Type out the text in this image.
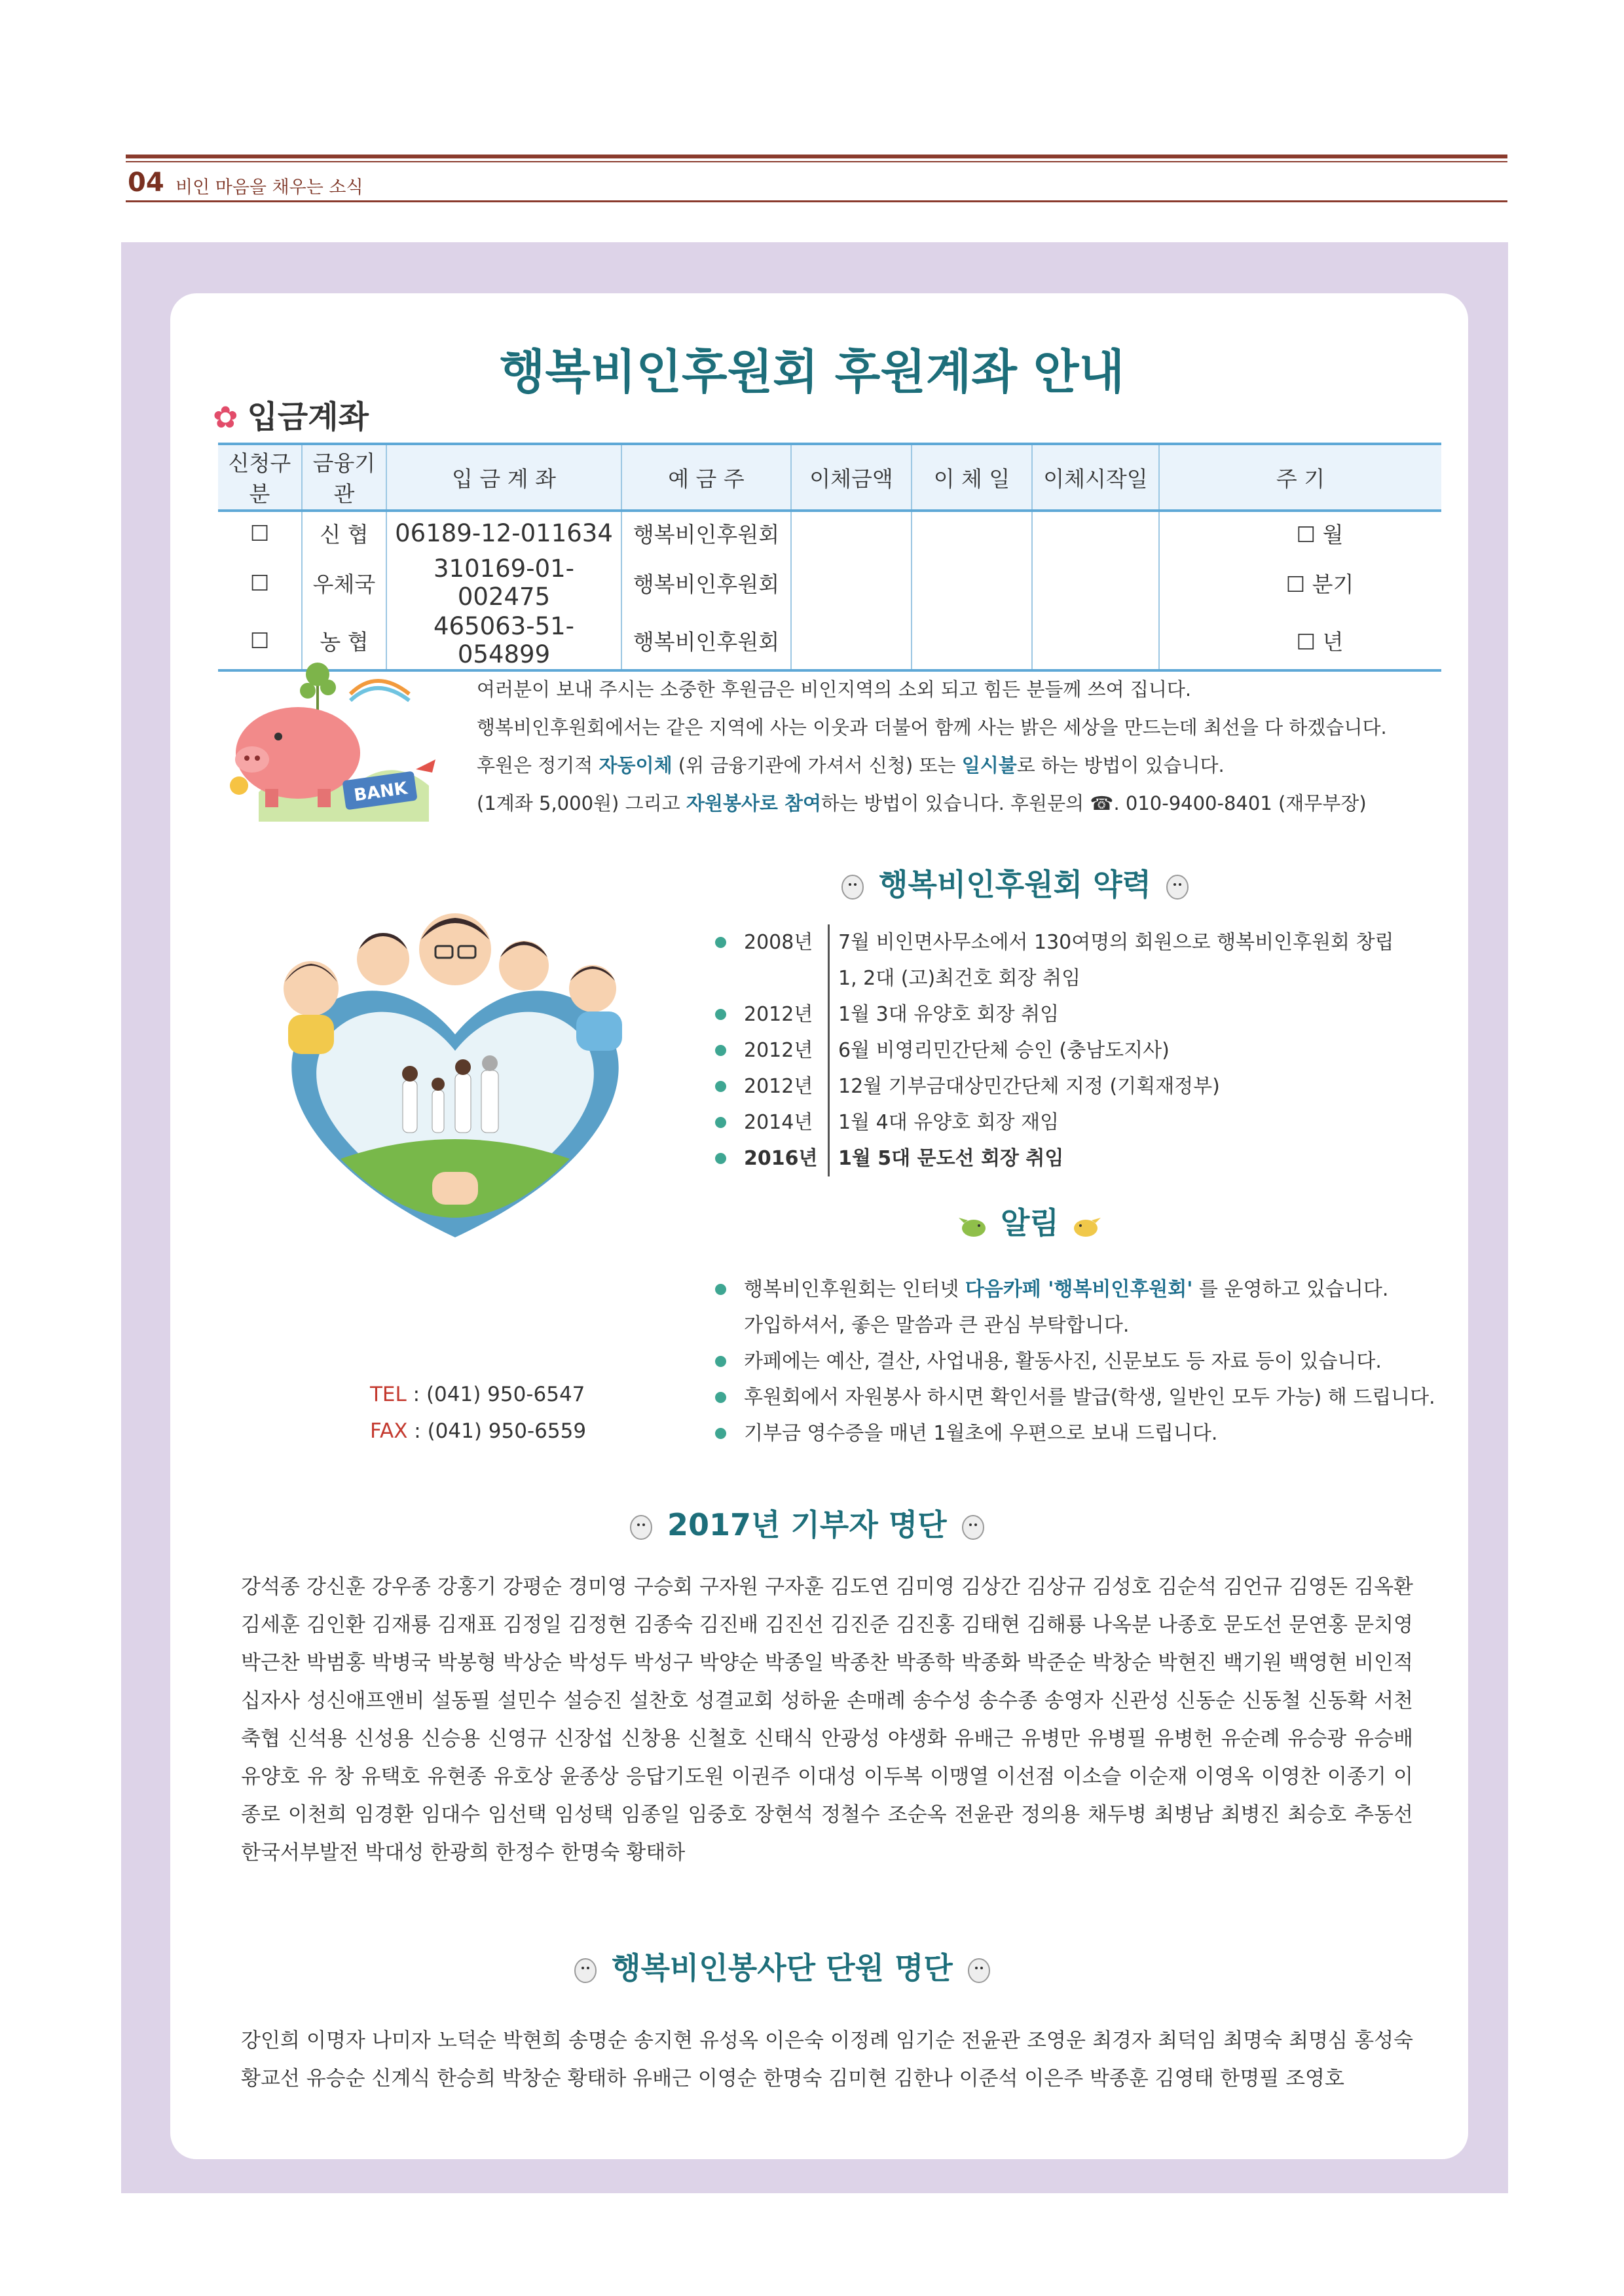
04 비인 마음을 채우는 소식
행복비인후원회 후원계좌 안내
✿ 입금계좌
신청구분	금융기관	입 금 계 좌	예 금 주	이체금액	이 체 일	이체시작일	주 기
☐	신 협	06189-12-011634	행복비인후원회				☐ 월
☐	우체국	310169-01-002475	행복비인후원회				☐ 분기
☐	농 협	465063-51-054899	행복비인후원회				☐ 년
BANK

여러분이 보내 주시는 소중한 후원금은 비인지역의 소외 되고 힘든 분들께 쓰여 집니다.

행복비인후원회에서는 같은 지역에 사는 이웃과 더불어 함께 사는 밝은 세상을 만드는데 최선을 다 하겠습니다.

후원은 정기적 자동이체 (위 금융기관에 가셔서 신청) 또는 일시불로 하는 방법이 있습니다.

(1계좌 5,000원) 그리고 자원봉사로 참여하는 방법이 있습니다. 후원문의 ☎. 010-9400-8401 (재무부장)

행복비인후원회 약력
2008년	7월 비인면사무소에서 130여명의 회원으로 행복비인후원회 창립
1, 2대 (고)최건호 회장 취임
2012년	1월 3대 유양호 회장 취임
2012년	6월 비영리민간단체 승인 (충남도지사)
2012년	12월 기부금대상민간단체 지정 (기획재정부)
2014년	1월 4대 유양호 회장 재임
2016년	1월 5대 문도선 회장 취임
알림
행복비인후원회는 인터넷 다음카페 '행복비인후원회' 를 운영하고 있습니다.
가입하셔서, 좋은 말씀과 큰 관심 부탁합니다.
카페에는 예산, 결산, 사업내용, 활동사진, 신문보도 등 자료 등이 있습니다.
후원회에서 자원봉사 하시면 확인서를 발급(학생, 일반인 모두 가능) 해 드립니다.
기부금 영수증을 매년 1월초에 우편으로 보내 드립니다.
TEL : (041) 950-6547
FAX : (041) 950-6559
2017년 기부자 명단
강석종 강신훈 강우종 강홍기 강평순 경미영 구승회 구자원 구자훈 김도연 김미영 김상간 김상규 김성호 김순석 김언규 김영돈 김옥환 김세훈 김인환 김재룡 김재표 김정일 김정현 김종숙 김진배 김진선 김진준 김진홍 김태현 김해룡 나옥분 나종호 문도선 문연홍 문치영 박근찬 박범홍 박병국 박봉형 박상순 박성두 박성구 박양순 박종일 박종찬 박종학 박종화 박준순 박창순 박현진 백기원 백영현 비인적십자사 성신애프앤비 설동필 설민수 설승진 설찬호 성결교회 성하윤 손매례 송수성 송수종 송영자 신관성 신동순 신동철 신동확 서천축협 신석용 신성용 신승용 신영규 신장섭 신창용 신철호 신태식 안광성 야생화 유배근 유병만 유병필 유병헌 유순례 유승광 유승배 유양호 유 창 유택호 유현종 유호상 윤종상 응답기도원 이권주 이대성 이두복 이맹열 이선점 이소슬 이순재 이영옥 이영찬 이종기 이종로 이천희 임경환 임대수 임선택 임성택 임종일 임중호 장현석 정철수 조순옥 전윤관 정의용 채두병 최병남 최병진 최승호 추동선 한국서부발전 박대성 한광희 한정수 한명숙 황태하
행복비인봉사단 단원 명단
강인희 이명자 나미자 노덕순 박현희 송명순 송지현 유성옥 이은숙 이정례 임기순 전윤관 조영운 최경자 최덕임 최명숙 최명심 홍성숙 황교선 유승순 신계식 한승희 박창순 황태하 유배근 이영순 한명숙 김미현 김한나 이준석 이은주 박종훈 김영태 한명필 조영호
